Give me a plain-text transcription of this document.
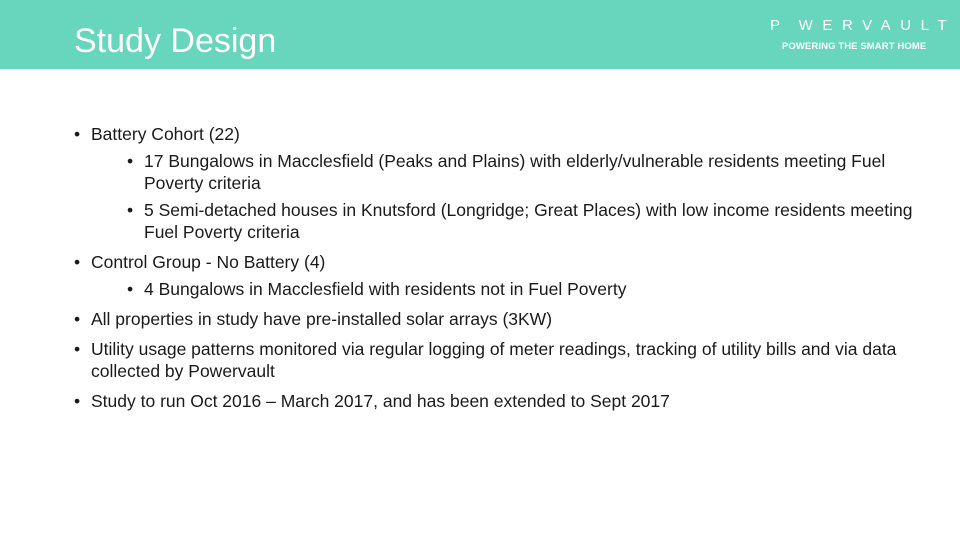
Study Design	P WERVAULT
POWERING THE SMART HOME
• Battery Cohort (22)
• 17 Bungalows in Macclesfield (Peaks and Plains) with elderly/vulnerable residents meeting Fuel Poverty criteria
• 5 Semi-detached houses in Knutsford (Longridge; Great Places) with low income residents meeting Fuel Poverty criteria
• Control Group - No Battery (4)
• 4 Bungalows in Macclesfield with residents not in Fuel Poverty
• All properties in study have pre-installed solar arrays (3KW)
• Utility usage patterns monitored via regular logging of meter readings, tracking of utility bills and via data collected by Powervault
• Study to run Oct 2016 – March 2017, and has been extended to Sept 2017
